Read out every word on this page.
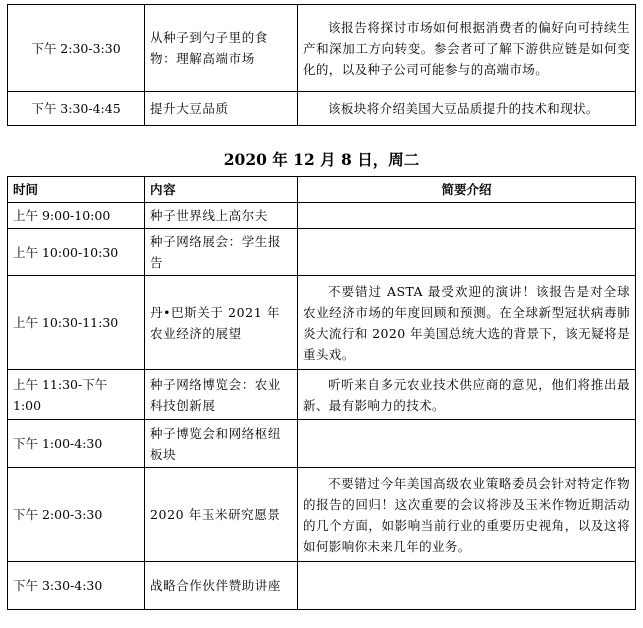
下午 2:30-3:30	从种子到勺子里的食物：理解高端市场	该报告将探讨市场如何根据消费者的偏好向可持续生产和深加工方向转变。参会者可了解下游供应链是如何变化的，以及种子公司可能参与的高端市场。
下午 3:30-4:45	提升大豆品质	该板块将介绍美国大豆品质提升的技术和现状。
2020 年 12 月 8 日，周二
时间	内容	简要介绍
上午 9:00-10:00	种子世界线上高尔夫	
上午 10:00-10:30	种子网络展会：学生报告	
上午 10:30-11:30	丹•巴斯关于 2021 年农业经济的展望	不要错过 ASTA 最受欢迎的演讲！该报告是对全球农业经济市场的年度回顾和预测。在全球新型冠状病毒肺炎大流行和 2020 年美国总统大选的背景下，该无疑将是重头戏。
上午 11:30-下午 1:00	种子网络博览会：农业科技创新展	听听来自多元农业技术供应商的意见，他们将推出最新、最有影响力的技术。
下午 1:00-4:30	种子博览会和网络枢纽板块	
下午 2:00-3:30	2020 年玉米研究愿景	不要错过今年美国高级农业策略委员会针对特定作物的报告的回归！这次重要的会议将涉及玉米作物近期活动的几个方面，如影响当前行业的重要历史视角，以及这将如何影响你未来几年的业务。
下午 3:30-4:30	战略合作伙伴赞助讲座	
